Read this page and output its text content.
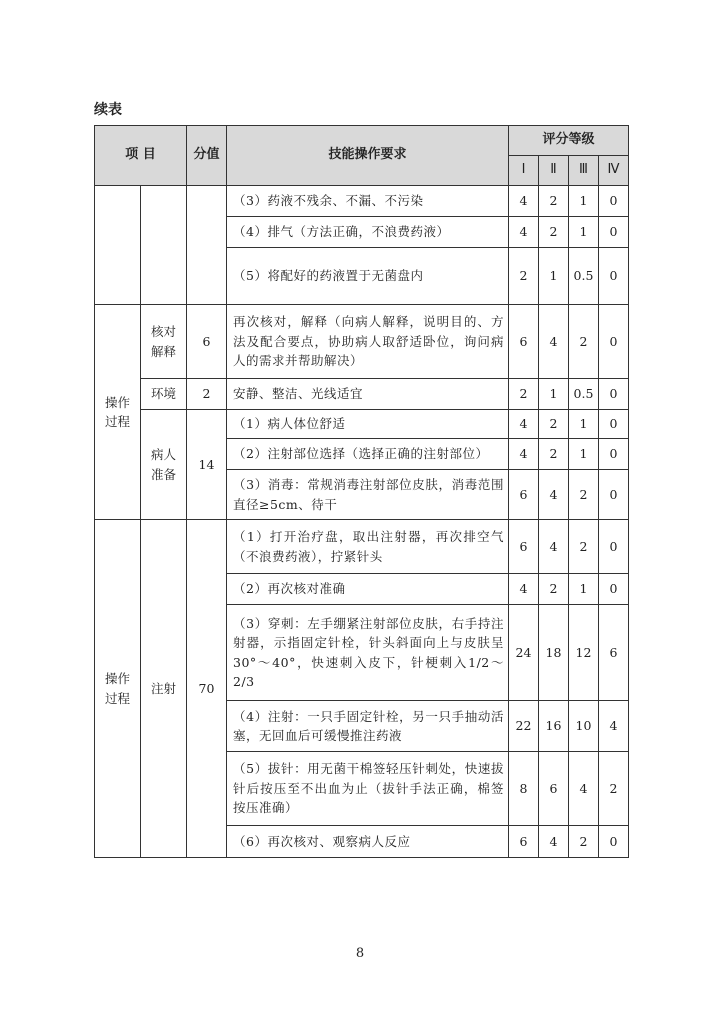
续表
项 目		分值	技能操作要求	评分等级			
				Ⅰ	Ⅱ	Ⅲ	Ⅳ
			（3）药液不残余、不漏、不污染	4	2	1	0
			（4）排气（方法正确，不浪费药液）	4	2	1	0
			（5）将配好的药液置于无菌盘内	2	1	0.5	0

操作过程	核对解释	6	再次核对，解释（向病人解释，说明目的、方法及配合要点，协助病人取舒适卧位，询问病人的需求并帮助解决）	6	4	2	0
	环境	2	安静、整洁、光线适宜	2	1	0.5	0

	病人准备	14	（1）病人体位舒适	4	2	1	0
			（2）注射部位选择（选择正确的注射部位）	4	2	1	0
			（3）消毒：常规消毒注射部位皮肤，消毒范围直径≥5cm、待干	6	4	2	0

操作过程	注射	70	（1）打开治疗盘，取出注射器，再次排空气（不浪费药液），拧紧针头	6	4	2	0
			（2）再次核对准确	4	2	1	0
			（3）穿刺：左手绷紧注射部位皮肤，右手持注射器，示指固定针栓，针头斜面向上与皮肤呈30°～40°，快速刺入皮下，针梗刺入1/2～2/3	24	18	12	6
			（4）注射：一只手固定针栓，另一只手抽动活塞，无回血后可缓慢推注药液	22	16	10	4
			（5）拔针：用无菌干棉签轻压针刺处，快速拔针后按压至不出血为止（拔针手法正确，棉签按压准确）	8	6	4	2
			（6）再次核对、观察病人反应	6	4	2	0
8
